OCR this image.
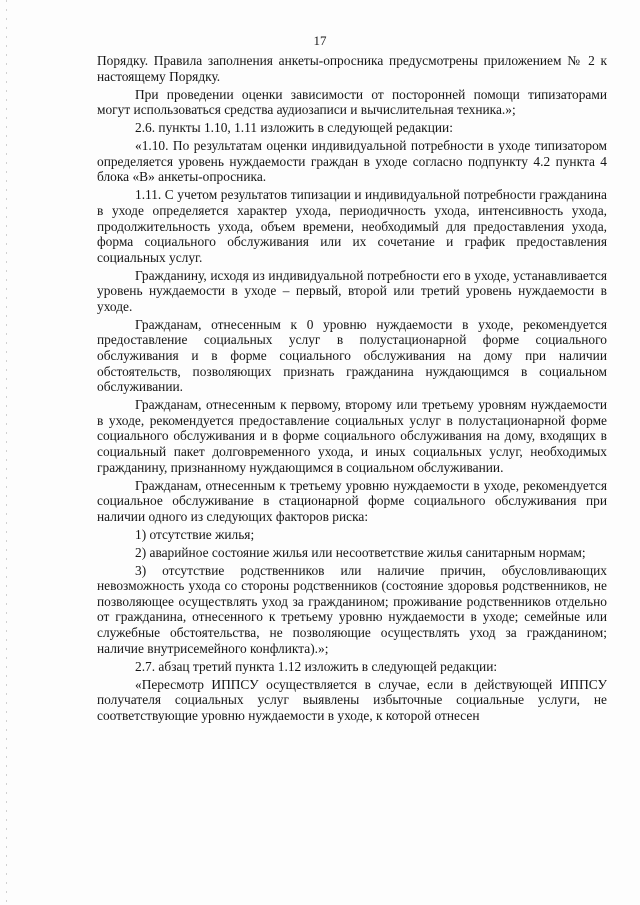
17

Порядку. Правила заполнения анкеты-опросника предусмотрены приложением № 2 к настоящему Порядку.

При проведении оценки зависимости от посторонней помощи типизаторами могут использоваться средства аудиозаписи и вычислительная техника.»;

2.6. пункты 1.10, 1.11 изложить в следующей редакции:

«1.10. По результатам оценки индивидуальной потребности в уходе типизатором определяется уровень нуждаемости граждан в уходе согласно подпункту 4.2 пункта 4 блока «В» анкеты-опросника.

1.11. С учетом результатов типизации и индивидуальной потребности гражданина в уходе определяется характер ухода, периодичность ухода, интенсивность ухода, продолжительность ухода, объем времени, необходимый для предоставления ухода, форма социального обслуживания или их сочетание и график предоставления социальных услуг.

Гражданину, исходя из индивидуальной потребности его в уходе, устанавливается уровень нуждаемости в уходе – первый, второй или третий уровень нуждаемости в уходе.

Гражданам, отнесенным к 0 уровню нуждаемости в уходе, рекомендуется предоставление социальных услуг в полустационарной форме социального обслуживания и в форме социального обслуживания на дому при наличии обстоятельств, позволяющих признать гражданина нуждающимся в социальном обслуживании.

Гражданам, отнесенным к первому, второму или третьему уровням нуждаемости в уходе, рекомендуется предоставление социальных услуг в полустационарной форме социального обслуживания и в форме социального обслуживания на дому, входящих в социальный пакет долговременного ухода, и иных социальных услуг, необходимых гражданину, признанному нуждающимся в социальном обслуживании.

Гражданам, отнесенным к третьему уровню нуждаемости в уходе, рекомендуется социальное обслуживание в стационарной форме социального обслуживания при наличии одного из следующих факторов риска:

1) отсутствие жилья;

2) аварийное состояние жилья или несоответствие жилья санитарным нормам;

3) отсутствие родственников или наличие причин, обусловливающих невозможность ухода со стороны родственников (состояние здоровья родственников, не позволяющее осуществлять уход за гражданином; проживание родственников отдельно от гражданина, отнесенного к третьему уровню нуждаемости в уходе; семейные или служебные обстоятельства, не позволяющие осуществлять уход за гражданином; наличие внутрисемейного конфликта).»;

2.7. абзац третий пункта 1.12 изложить в следующей редакции:

«Пересмотр ИППСУ осуществляется в случае, если в действующей ИППСУ получателя социальных услуг выявлены избыточные социальные услуги, не соответствующие уровню нуждаемости в уходе, к которой отнесен
